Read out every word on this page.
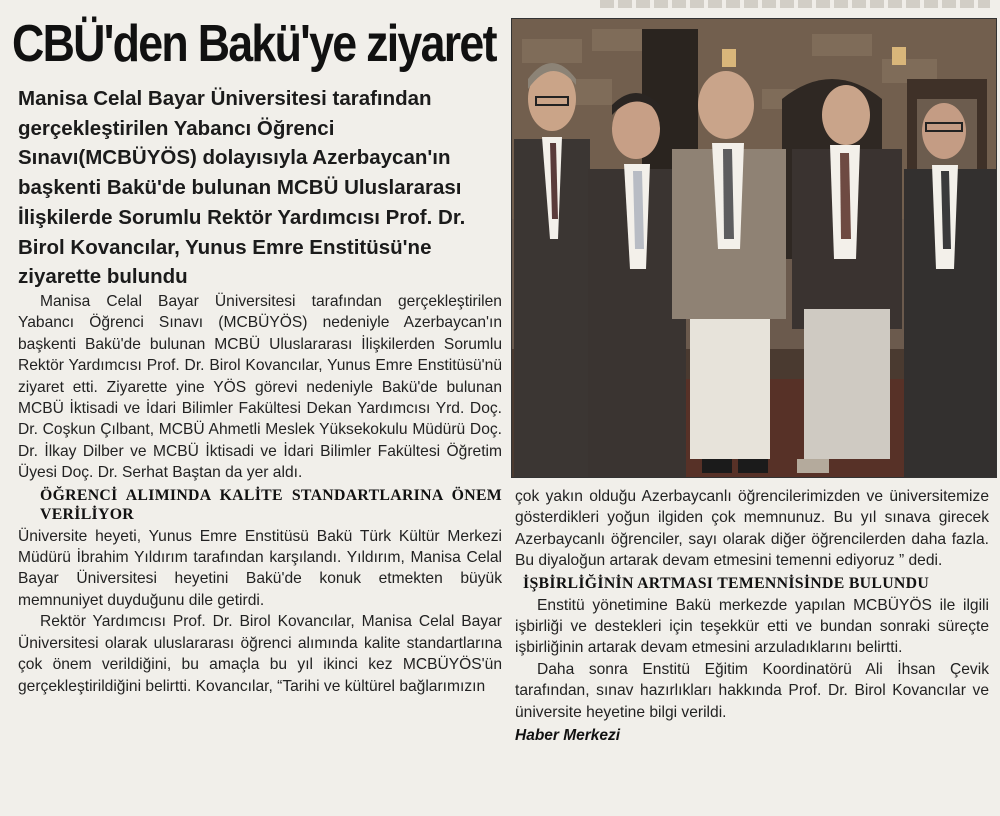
CBÜ'den Bakü'ye ziyaret

Manisa Celal Bayar Üniversitesi tarafından gerçekleştirilen Yabancı Öğrenci Sınavı(MCBÜYÖS) dolayısıyla Azerbaycan'ın başkenti Bakü'de bulunan MCBÜ Uluslararası İlişkilerde Sorumlu Rektör Yardımcısı Prof. Dr. Birol Kovancılar, Yunus Emre Enstitüsü'ne ziyarette bulundu

Manisa Celal Bayar Üniversitesi tarafından gerçekleştirilen Yabancı Öğrenci Sınavı (MCBÜYÖS) nedeniyle Azerbaycan'ın başkenti Bakü'de bulunan MCBÜ Uluslararası İlişkilerden Sorumlu Rektör Yardımcısı Prof. Dr. Birol Kovancılar, Yunus Emre Enstitüsü'nü ziyaret etti. Ziyarette yine YÖS görevi nedeniyle Bakü'de bulunan MCBÜ İktisadi ve İdari Bilimler Fakültesi Dekan Yardımcısı Yrd. Doç. Dr. Coşkun Çılbant, MCBÜ Ahmetli Meslek Yüksekokulu Müdürü Doç. Dr. İlkay Dilber ve MCBÜ İktisadi ve İdari Bilimler Fakültesi Öğretim Üyesi Doç. Dr. Serhat Baştan da yer aldı.

ÖĞRENCİ ALIMINDA KALİTE STANDARTLARINA ÖNEM VERİLİYOR

Üniversite heyeti, Yunus Emre Enstitüsü Bakü Türk Kültür Merkezi Müdürü İbrahim Yıldırım tarafından karşılandı. Yıldırım, Manisa Celal Bayar Üniversitesi heyetini Bakü'de konuk etmekten büyük memnuniyet duyduğunu dile getirdi.

Rektör Yardımcısı Prof. Dr. Birol Kovancılar, Manisa Celal Bayar Üniversitesi olarak uluslararası öğrenci alımında kalite standartlarına çok önem verildiğini, bu amaçla bu yıl ikinci kez MCBÜYÖS'ün gerçekleştirildiğini belirtti. Kovancılar, “Tarihi ve kültürel bağlarımızın

çok yakın olduğu Azerbaycanlı öğrencilerimizden ve üniversitemize gösterdikleri yoğun ilgiden çok memnunuz. Bu yıl sınava girecek Azerbaycanlı öğrenciler, sayı olarak diğer öğrencilerden daha fazla. Bu diyaloğun artarak devam etmesini temenni ediyoruz ” dedi.

İŞBİRLİĞİNİN ARTMASI TEMENNİSİNDE BULUNDU

Enstitü yönetimine Bakü merkezde yapılan MCBÜYÖS ile ilgili işbirliği ve destekleri için teşekkür etti ve bundan sonraki süreçte işbirliğinin artarak devam etmesini arzuladıklarını belirtti.

Daha sonra Enstitü Eğitim Koordinatörü Ali İhsan Çevik tarafından, sınav hazırlıkları hakkında Prof. Dr. Birol Kovancılar ve üniversite heyetine bilgi verildi.

Haber Merkezi
